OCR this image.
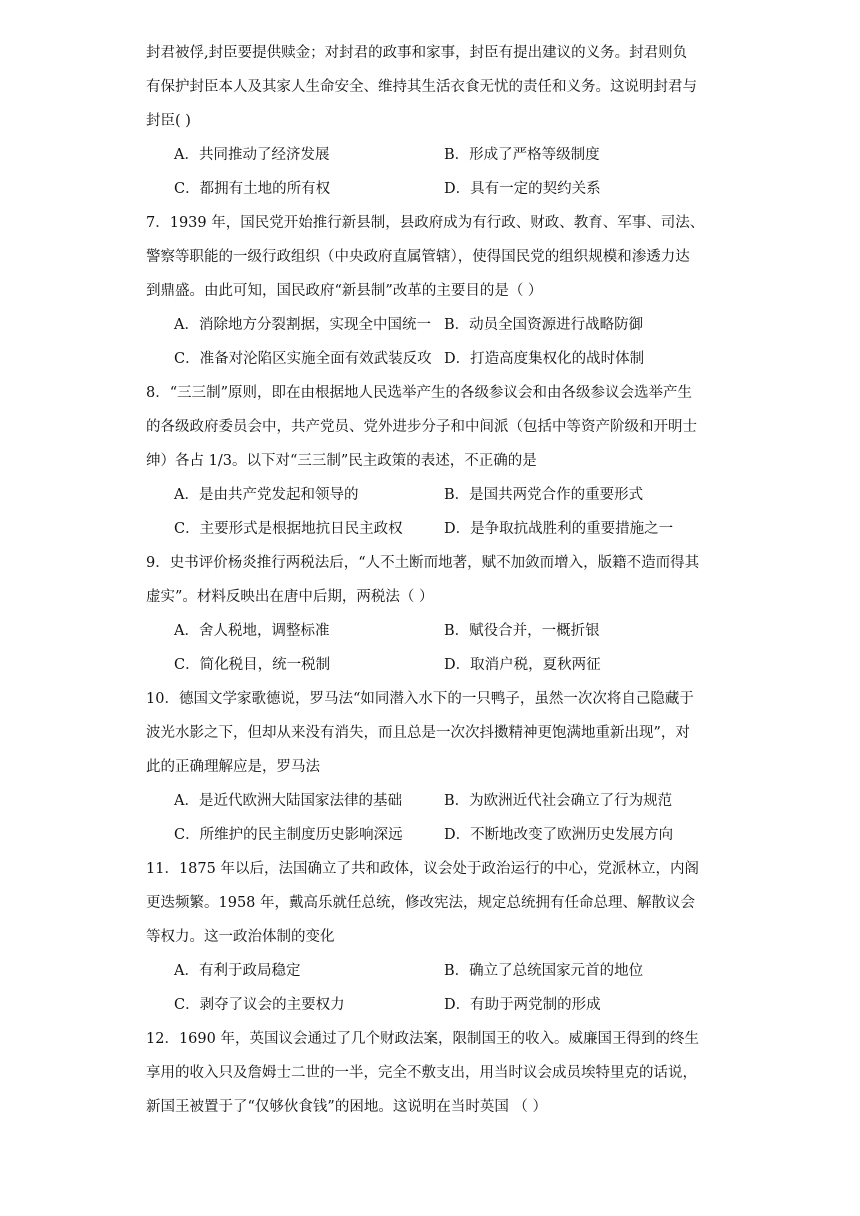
封君被俘,封臣要提供赎金；对封君的政事和家事，封臣有提出建议的义务。封君则负
有保护封臣本人及其家人生命安全、维持其生活衣食无忧的责任和义务。这说明封君与
封臣( )
A．共同推动了经济发展	B．形成了严格等级制度
C．都拥有土地的所有权	D．具有一定的契约关系
7．1939 年，国民党开始推行新县制，县政府成为有行政、财政、教育、军事、司法、
警察等职能的一级行政组织（中央政府直属管辖），使得国民党的组织规模和渗透力达
到鼎盛。由此可知，国民政府“新县制”改革的主要目的是（ ）
A．消除地方分裂割据，实现全中国统一 B．动员全国资源进行战略防御
C．准备对沦陷区实施全面有效武装反攻 D．打造高度集权化的战时体制
8．“三三制”原则，即在由根据地人民选举产生的各级参议会和由各级参议会选举产生
的各级政府委员会中，共产党员、党外进步分子和中间派（包括中等资产阶级和开明士
绅）各占 1/3。以下对“三三制”民主政策的表述，不正确的是
A．是由共产党发起和领导的	B．是国共两党合作的重要形式
C．主要形式是根据地抗日民主政权	D．是争取抗战胜利的重要措施之一
9．史书评价杨炎推行两税法后，“人不土断而地著，赋不加敛而增入，版籍不造而得其
虚实”。材料反映出在唐中后期，两税法（ ）
A．舍人税地，调整标准	B．赋役合并，一概折银
C．简化税目，统一税制	D．取消户税，夏秋两征
10．德国文学家歌德说，罗马法“如同潜入水下的一只鸭子，虽然一次次将自己隐藏于
波光水影之下，但却从来没有消失，而且总是一次次抖擞精神更饱满地重新出现”，对
此的正确理解应是，罗马法
A．是近代欧洲大陆国家法律的基础	B．为欧洲近代社会确立了行为规范
C．所维护的民主制度历史影响深远	D．不断地改变了欧洲历史发展方向
11．1875 年以后，法国确立了共和政体，议会处于政治运行的中心，党派林立，内阁
更迭频繁。1958 年，戴高乐就任总统，修改宪法，规定总统拥有任命总理、解散议会
等权力。这一政治体制的变化
A．有利于政局稳定	B．确立了总统国家元首的地位
C．剥夺了议会的主要权力	D．有助于两党制的形成
12．1690 年，英国议会通过了几个财政法案，限制国王的收入。威廉国王得到的终生
享用的收入只及詹姆士二世的一半，完全不敷支出，用当时议会成员埃特里克的话说，
新国王被置于了“仅够伙食钱”的困地。这说明在当时英国 （ ）
